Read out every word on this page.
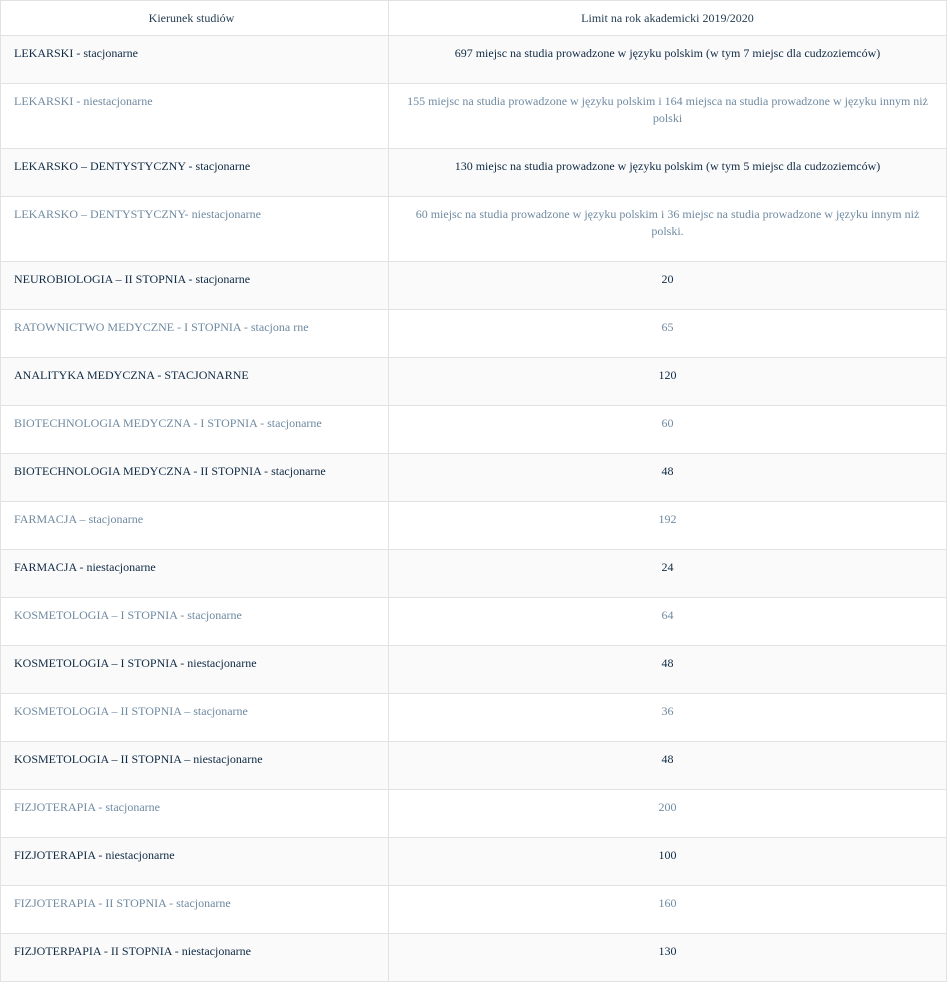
Kierunek studiów	Limit na rok akademicki 2019/2020
LEKARSKI - stacjonarne	697 miejsc na studia prowadzone w języku polskim (w tym 7 miejsc dla cudzoziemców)
LEKARSKI - niestacjonarne	155 miejsc na studia prowadzone w języku polskim i 164 miejsca na studia prowadzone w języku innym niż polski
LEKARSKO – DENTYSTYCZNY - stacjonarne	130 miejsc na studia prowadzone w języku polskim (w tym 5 miejsc dla cudzoziemców)
LEKARSKO – DENTYSTYCZNY- niestacjonarne	60 miejsc na studia prowadzone w języku polskim i 36 miejsc na studia prowadzone w języku innym niż polski.
NEUROBIOLOGIA – II STOPNIA - stacjonarne	20
RATOWNICTWO MEDYCZNE - I STOPNIA - stacjona rne	65
ANALITYKA MEDYCZNA - STACJONARNE	120
BIOTECHNOLOGIA MEDYCZNA - I STOPNIA - stacjonarne	60
BIOTECHNOLOGIA MEDYCZNA - II STOPNIA - stacjonarne	48
FARMACJA – stacjonarne	192
FARMACJA - niestacjonarne	24
KOSMETOLOGIA – I STOPNIA - stacjonarne	64
KOSMETOLOGIA – I STOPNIA - niestacjonarne	48
KOSMETOLOGIA – II STOPNIA – stacjonarne	36
KOSMETOLOGIA – II STOPNIA – niestacjonarne	48
FIZJOTERAPIA - stacjonarne	200
FIZJOTERAPIA - niestacjonarne	100
FIZJOTERAPIA - II STOPNIA - stacjonarne	160
FIZJOTERPAPIA - II STOPNIA - niestacjonarne	130
